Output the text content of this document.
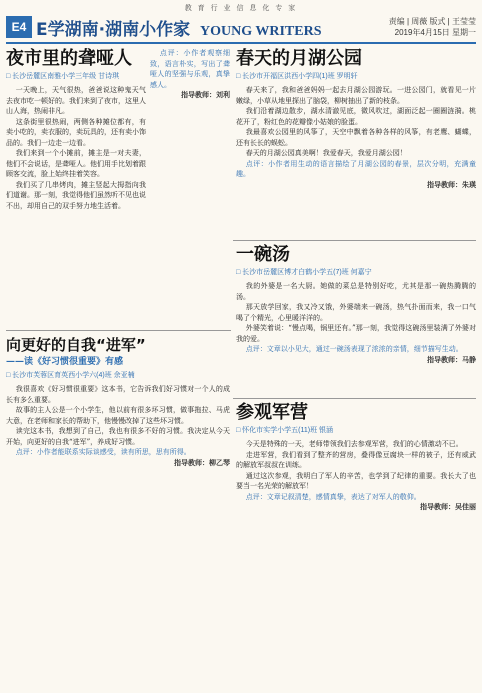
教 育 行 业 信 息 化 专 家
E4 E学湖南·湖南小作家 YOUNG WRITERS
责编 | 周薇 版式 | 王莹莹
2019年4月15日 星期一
夜市里的聋哑人
□ 长沙岳麓区南雅小学三年级 甘诗琪

一天晚上，天气很热，爸爸说这种鬼天气去夜市吃一顿好的。我们来到了夜市，这里人山人海，热闹非凡。

这条街里很热闹，两侧各种摊位都有，有卖小吃的，卖衣服的，卖玩具的，还有卖小饰品的。我们一边走一边看。

我们来到一个小摊前，摊主是一对夫妻，他们不会说话，是聋哑人。他们用手比划着跟顾客交流，脸上始终挂着笑容。

我们买了几串烤肉，摊主竖起大拇指向我们道谢。那一刻，我觉得他们虽然听不见也说不出，却用自己的双手努力地生活着。

点评：小作者观察细致，语言朴实，写出了聋哑人的坚强与乐观，真挚感人。

指导教师：刘利
春天的月湖公园
□ 长沙市开福区洪西小学四(1)班 罗明轩

春天来了，我和爸爸妈妈一起去月湖公园游玩。一进公园门，就看见一片嫩绿，小草从地里探出了脑袋，柳树抽出了新的枝条。

我们沿着湖边散步，湖水清澈见底，微风吹过，湖面泛起一圈圈涟漪。桃花开了，粉红色的花瓣像小姑娘的脸蛋。

我最喜欢公园里的风筝了，天空中飘着各种各样的风筝，有老鹰、蝴蝶，还有长长的蜈蚣。

春天的月湖公园真美啊！我爱春天，我爱月湖公园！

点评：小作者用生动的语言描绘了月湖公园的春景，层次分明，充满童趣。

指导教师：朱瑛
一碗汤
□ 长沙市岳麓区博才白鹤小学五(7)班 何嘉宁

我的外婆是一名大厨。她做的菜总是特别好吃，尤其是那一碗热腾腾的汤。

那天放学回家，我又冷又饿，外婆端来一碗汤，热气扑面而来，我一口气喝了个精光，心里暖洋洋的。

外婆笑着说：“慢点喝，锅里还有。”那一刻，我觉得这碗汤里装满了外婆对我的爱。

点评：文章以小见大，通过一碗汤表现了浓浓的亲情，细节描写生动。

指导教师：马静
向更好的自我“进军”
——读《好习惯很重要》有感
□ 长沙市芙蓉区育英西小学六(4)班 余亚楠

我很喜欢《好习惯很重要》这本书，它告诉我们好习惯对一个人的成长有多么重要。

故事的主人公是一个小学生，他以前有很多坏习惯，做事拖拉、马虎大意，在老师和家长的帮助下，他慢慢改掉了这些坏习惯。

读完这本书，我想到了自己，我也有很多不好的习惯。我决定从今天开始，向更好的自我“进军”，养成好习惯。

点评：小作者能联系实际谈感受，读有所思，思有所得。

指导教师：柳乙琴
参观军营
□ 怀化市实学小学五(11)班 银涵

今天是特殊的一天，老师带领我们去参观军营，我们的心情激动不已。

走进军营，我们看到了整齐的营房，叠得像豆腐块一样的被子，还有威武的解放军叔叔在训练。

通过这次参观，我明白了军人的辛苦，也学到了纪律的重要。我长大了也要当一名光荣的解放军！

点评：文章记叙清楚，感情真挚，表达了对军人的敬仰。

指导教师：吴佳丽
